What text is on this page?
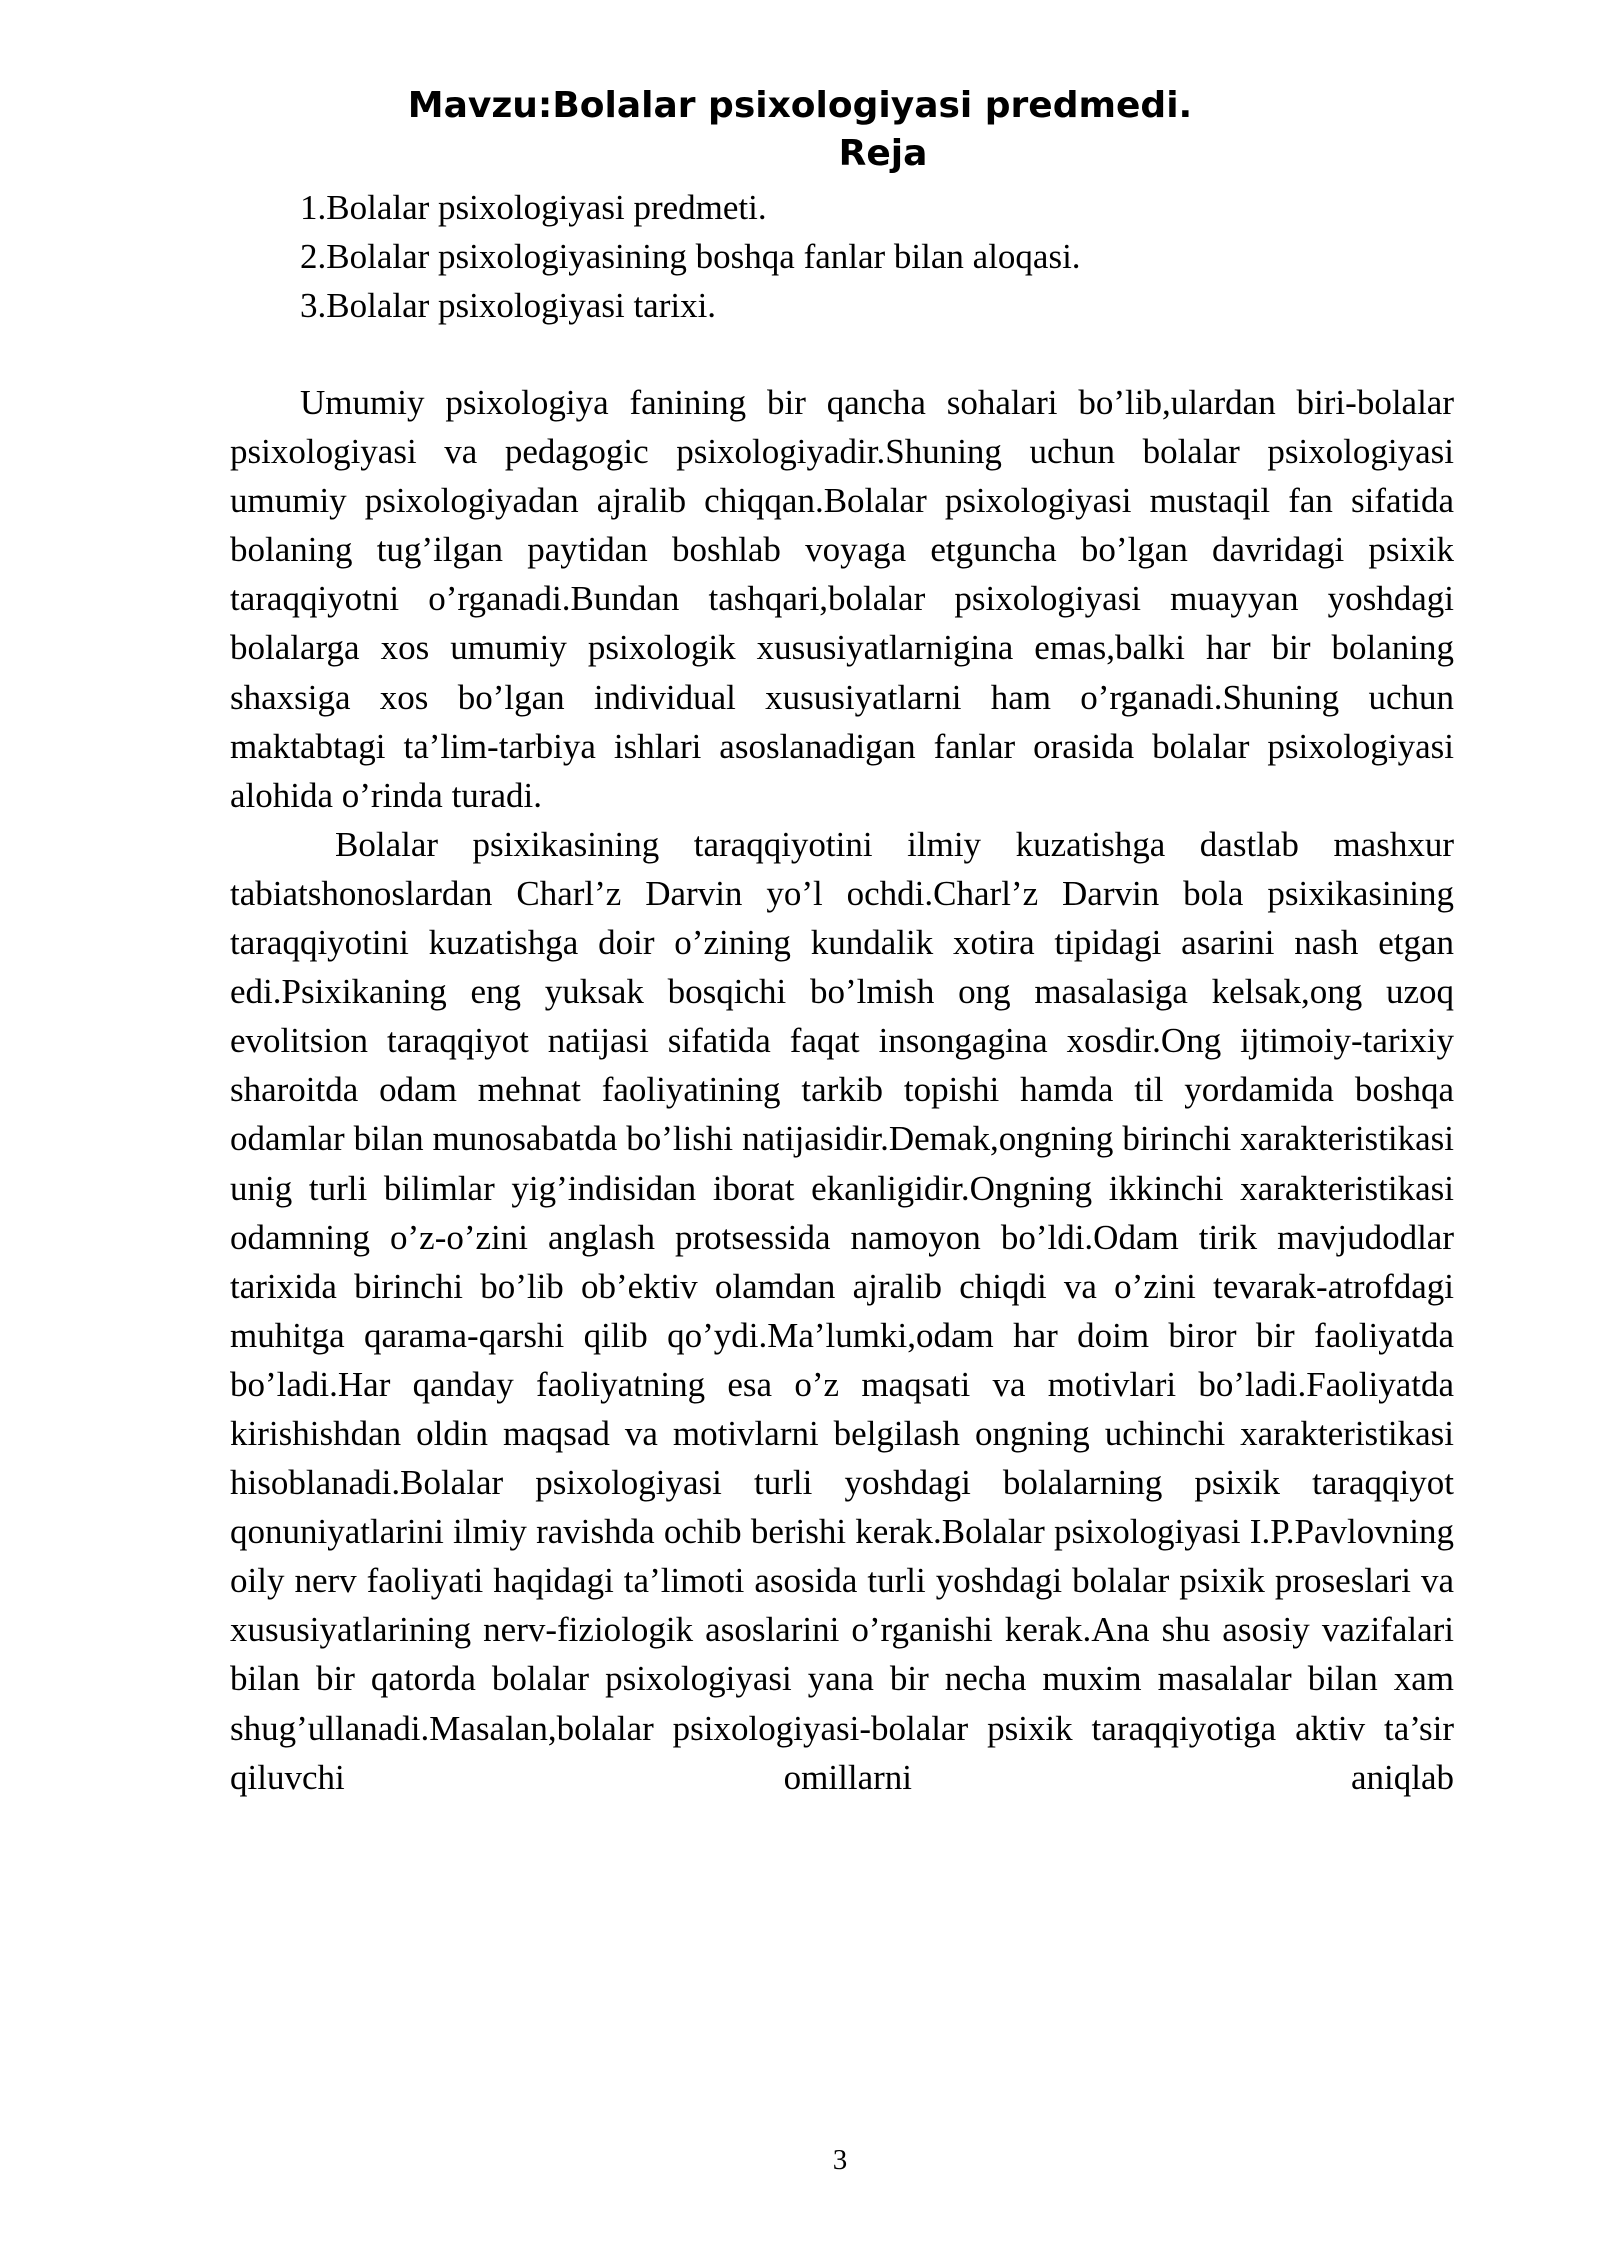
Mavzu:Bolalar psixologiyasi predmedi.
Reja
1.Bolalar psixologiyasi predmeti.
2.Bolalar psixologiyasining boshqa fanlar bilan aloqasi.
3.Bolalar psixologiyasi tarixi.

Umumiy psixologiya fanining bir qancha sohalari bo’lib,ulardan biri-bolalar psixologiyasi va pedagogic psixologiyadir.Shuning uchun bolalar psixologiyasi umumiy psixologiyadan ajralib chiqqan.Bolalar psixologiyasi mustaqil fan sifatida bolaning tug’ilgan paytidan boshlab voyaga etguncha bo’lgan davridagi psixik taraqqiyotni o’rganadi.Bundan tashqari,bolalar psixologiyasi muayyan yoshdagi bolalarga xos umumiy psixologik xususiyatlarnigina emas,balki har bir bolaning shaxsiga xos bo’lgan individual xususiyatlarni ham o’rganadi.Shuning uchun maktabtagi ta’lim-tarbiya ishlari asoslanadigan fanlar orasida bolalar psixologiyasi alohida o’rinda turadi.

Bolalar psixikasining taraqqiyotini ilmiy kuzatishga dastlab mashxur tabiatshonoslardan Charl’z Darvin yo’l ochdi.Charl’z Darvin bola psixikasining taraqqiyotini kuzatishga doir o’zining kundalik xotira tipidagi asarini nash etgan edi.Psixikaning eng yuksak bosqichi bo’lmish ong masalasiga kelsak,ong uzoq evolitsion taraqqiyot natijasi sifatida faqat insongagina xosdir.Ong ijtimoiy-tarixiy sharoitda odam mehnat faoliyatining tarkib topishi hamda til yordamida boshqa odamlar bilan munosabatda bo’lishi natijasidir.Demak,ongning birinchi xarakteristikasi unig turli bilimlar yig’indisidan iborat ekanligidir.Ongning ikkinchi xarakteristikasi odamning o’z-o’zini anglash protsessida namoyon bo’ldi.Odam tirik mavjudodlar tarixida birinchi bo’lib ob’ektiv olamdan ajralib chiqdi va o’zini tevarak-atrofdagi muhitga qarama-qarshi qilib qo’ydi.Ma’lumki,odam har doim biror bir faoliyatda bo’ladi.Har qanday faoliyatning esa o’z maqsati va motivlari bo’ladi.Faoliyatda kirishishdan oldin maqsad va motivlarni belgilash ongning uchinchi xarakteristikasi hisoblanadi.Bolalar psixologiyasi turli yoshdagi bolalarning psixik taraqqiyot qonuniyatlarini ilmiy ravishda ochib berishi kerak.Bolalar psixologiyasi I.P.Pavlovning oily nerv faoliyati haqidagi ta’limoti asosida turli yoshdagi bolalar psixik proseslari va xususiyatlarining nerv-fiziologik asoslarini o’rganishi kerak.Ana shu asosiy vazifalari bilan bir qatorda bolalar psixologiyasi yana bir necha muxim masalalar bilan xam shug’ullanadi.Masalan,bolalar psixologiyasi-bolalar psixik taraqqiyotiga aktiv ta’sir qiluvchi omillarni aniqlab

3
